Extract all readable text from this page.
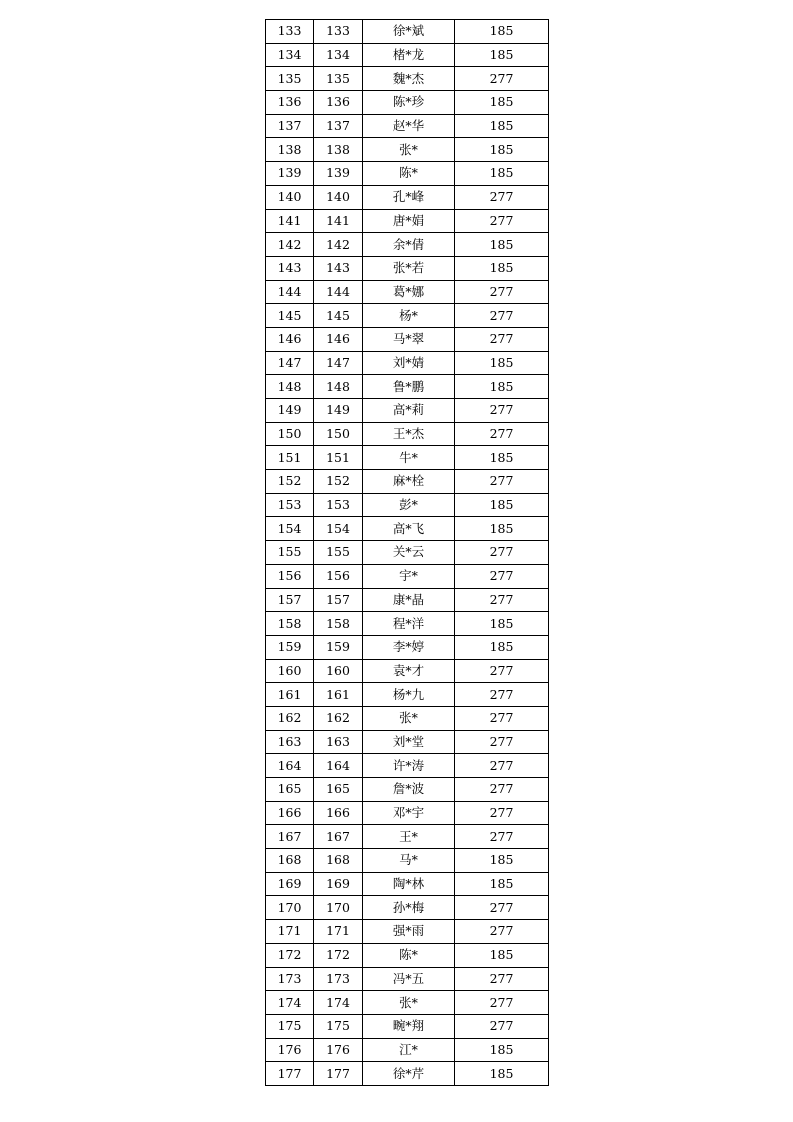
133	133	徐*斌	185
134	134	楮*龙	185
135	135	魏*杰	277
136	136	陈*珍	185
137	137	赵*华	185
138	138	张*	185
139	139	陈*	185
140	140	孔*峰	277
141	141	唐*娟	277
142	142	余*倩	185
143	143	张*若	185
144	144	葛*娜	277
145	145	杨*	277
146	146	马*翠	277
147	147	刘*婧	185
148	148	鲁*鹏	185
149	149	高*莉	277
150	150	王*杰	277
151	151	牛*	185
152	152	麻*栓	277
153	153	彭*	185
154	154	高*飞	185
155	155	关*云	277
156	156	宇*	277
157	157	康*晶	277
158	158	程*洋	185
159	159	李*婷	185
160	160	袁*才	277
161	161	杨*九	277
162	162	张*	277
163	163	刘*堂	277
164	164	许*涛	277
165	165	詹*波	277
166	166	邓*宇	277
167	167	王*	277
168	168	马*	185
169	169	陶*林	185
170	170	孙*梅	277
171	171	强*雨	277
172	172	陈*	185
173	173	冯*五	277
174	174	张*	277
175	175	畹*翔	277
176	176	江*	185
177	177	徐*芹	185
